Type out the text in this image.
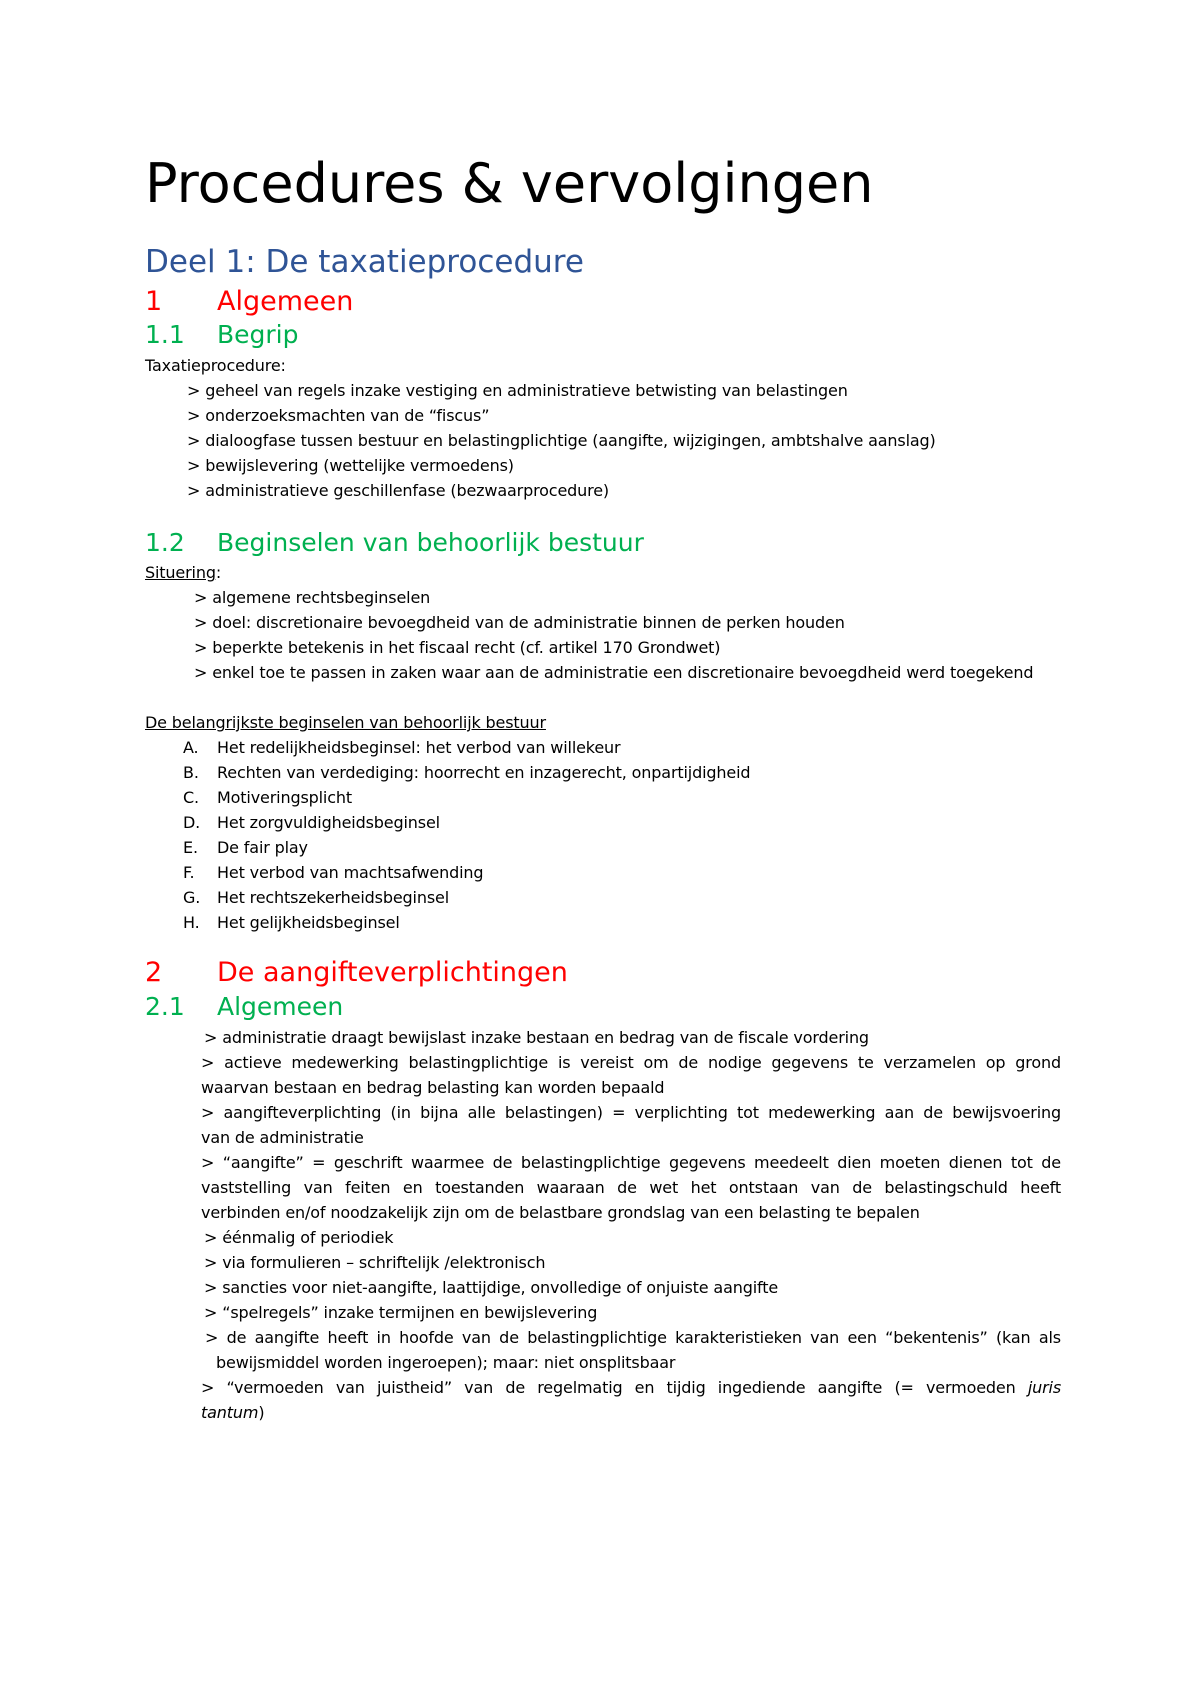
Procedures & vervolgingen
Deel 1: De taxatieprocedure
1 Algemeen
1.1 Begrip
Taxatieprocedure:
> geheel van regels inzake vestiging en administratieve betwisting van belastingen
> onderzoeksmachten van de “fiscus”
> dialoogfase tussen bestuur en belastingplichtige (aangifte, wijzigingen, ambtshalve aanslag)
> bewijslevering (wettelijke vermoedens)
> administratieve geschillenfase (bezwaarprocedure)
1.2 Beginselen van behoorlijk bestuur
Situering:
> algemene rechtsbeginselen
> doel: discretionaire bevoegdheid van de administratie binnen de perken houden
> beperkte betekenis in het fiscaal recht (cf. artikel 170 Grondwet)
> enkel toe te passen in zaken waar aan de administratie een discretionaire bevoegdheid werd toegekend
De belangrijkste beginselen van behoorlijk bestuur
A. Het redelijkheidsbeginsel: het verbod van willekeur
B. Rechten van verdediging: hoorrecht en inzagerecht, onpartijdigheid
C. Motiveringsplicht
D. Het zorgvuldigheidsbeginsel
E. De fair play
F. Het verbod van machtsafwending
G. Het rechtszekerheidsbeginsel
H. Het gelijkheidsbeginsel
2 De aangifteverplichtingen
2.1 Algemeen
> administratie draagt bewijslast inzake bestaan en bedrag van de fiscale vordering
> actieve medewerking belastingplichtige is vereist om de nodige gegevens te verzamelen op grond
waarvan bestaan en bedrag belasting kan worden bepaald
> aangifteverplichting (in bijna alle belastingen) = verplichting tot medewerking aan de bewijsvoering
van de administratie
> “aangifte” = geschrift waarmee de belastingplichtige gegevens meedeelt dien moeten dienen tot de
vaststelling van feiten en toestanden waaraan de wet het ontstaan van de belastingschuld heeft
verbinden en/of noodzakelijk zijn om de belastbare grondslag van een belasting te bepalen
> éénmalig of periodiek
> via formulieren – schriftelijk /elektronisch
> sancties voor niet-aangifte, laattijdige, onvolledige of onjuiste aangifte
> “spelregels” inzake termijnen en bewijslevering
> de aangifte heeft in hoofde van de belastingplichtige karakteristieken van een “bekentenis” (kan als
bewijsmiddel worden ingeroepen); maar: niet onsplitsbaar
> “vermoeden van juistheid” van de regelmatig en tijdig ingediende aangifte (= vermoeden juris
tantum)
